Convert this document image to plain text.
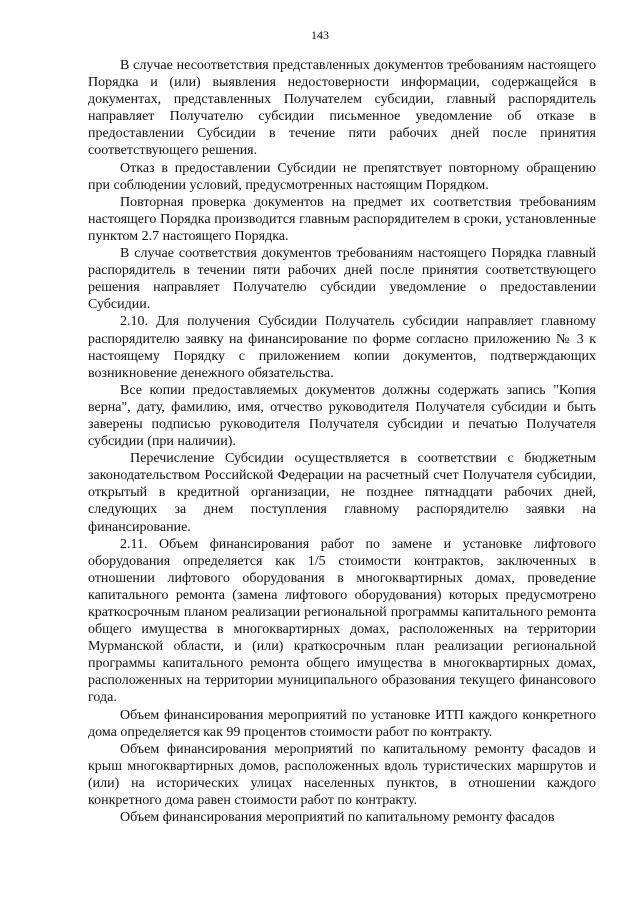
143

В случае несоответствия представленных документов требованиям настоящего Порядка и (или) выявления недостоверности информации, содержащейся в документах, представленных Получателем субсидии, главный распорядитель направляет Получателю субсидии письменное уведомление об отказе в предоставлении Субсидии в течение пяти рабочих дней после принятия соответствующего решения.

Отказ в предоставлении Субсидии не препятствует повторному обращению при соблюдении условий, предусмотренных настоящим Порядком.

Повторная проверка документов на предмет их соответствия требованиям настоящего Порядка производится главным распорядителем в сроки, установленные пунктом 2.7 настоящего Порядка.

В случае соответствия документов требованиям настоящего Порядка главный распорядитель в течении пяти рабочих дней после принятия соответствующего решения направляет Получателю субсидии уведомление о предоставлении Субсидии.

2.10. Для получения Субсидии Получатель субсидии направляет главному распорядителю заявку на финансирование по форме согласно приложению № 3 к настоящему Порядку с приложением копии документов, подтверждающих возникновение денежного обязательства.

Все копии предоставляемых документов должны содержать запись "Копия верна", дату, фамилию, имя, отчество руководителя Получателя субсидии и быть заверены подписью руководителя Получателя субсидии и печатью Получателя субсидии (при наличии).

Перечисление Субсидии осуществляется в соответствии с бюджетным законодательством Российской Федерации на расчетный счет Получателя субсидии, открытый в кредитной организации, не позднее пятнадцати рабочих дней, следующих за днем поступления главному распорядителю заявки на финансирование.

2.11. Объем финансирования работ по замене и установке лифтового оборудования определяется как 1/5 стоимости контрактов, заключенных в отношении лифтового оборудования в многоквартирных домах, проведение капитального ремонта (замена лифтового оборудования) которых предусмотрено краткосрочным планом реализации региональной программы капитального ремонта общего имущества в многоквартирных домах, расположенных на территории Мурманской области, и (или) краткосрочным план реализации региональной программы капитального ремонта общего имущества в многоквартирных домах, расположенных на территории муниципального образования текущего финансового года.

Объем финансирования мероприятий по установке ИТП каждого конкретного дома определяется как 99 процентов стоимости работ по контракту.

Объем финансирования мероприятий по капитальному ремонту фасадов и крыш многоквартирных домов, расположенных вдоль туристических маршрутов и (или) на исторических улицах населенных пунктов, в отношении каждого конкретного дома равен стоимости работ по контракту.

Объем финансирования мероприятий по капитальному ремонту фасадов
